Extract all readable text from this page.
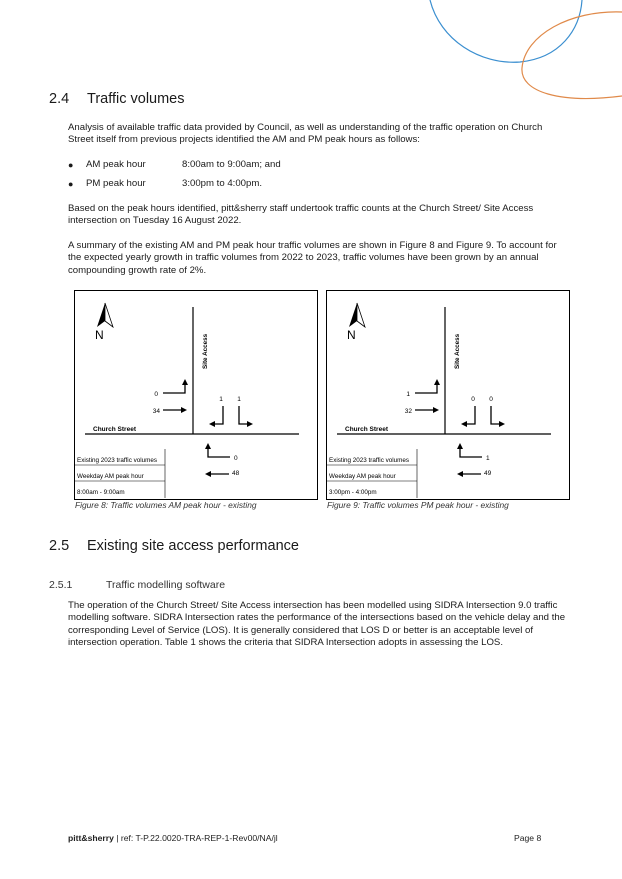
2.4 Traffic volumes
Analysis of available traffic data provided by Council, as well as understanding of the traffic operation on Church Street itself from previous projects identified the AM and PM peak hours as follows:
●	AM peak hour	8:00am to 9:00am; and
●	PM peak hour	3:00pm to 4:00pm.
Based on the peak hours identified, pitt&sherry staff undertook traffic counts at the Church Street/ Site Access intersection on Tuesday 16 August 2022.
A summary of the existing AM and PM peak hour traffic volumes are shown in Figure 8 and Figure 9. To account for the expected yearly growth in traffic volumes from 2022 to 2023, traffic volumes have been grown by an annual compounding growth rate of 2%.
N	Site Access
Church Street
0
34
1 1
0
48
Existing 2023 traffic volumes
Weekday AM peak hour
8:00am - 9:00am
Figure 8: Traffic volumes AM peak hour - existing
N	Site Access
Church Street
1
32
0 0
1
49
Existing 2023 traffic volumes
Weekday AM peak hour
3:00pm - 4:00pm
Figure 9: Traffic volumes PM peak hour - existing
2.5 Existing site access performance
2.5.1	Traffic modelling software
The operation of the Church Street/ Site Access intersection has been modelled using SIDRA Intersection 9.0 traffic modelling software. SIDRA Intersection rates the performance of the intersections based on the vehicle delay and the corresponding Level of Service (LOS). It is generally considered that LOS D or better is an acceptable level of intersection operation. Table 1 shows the criteria that SIDRA Intersection adopts in assessing the LOS.
pitt&sherry | ref: T-P.22.0020-TRA-REP-1-Rev00/NA/jl	Page 8
